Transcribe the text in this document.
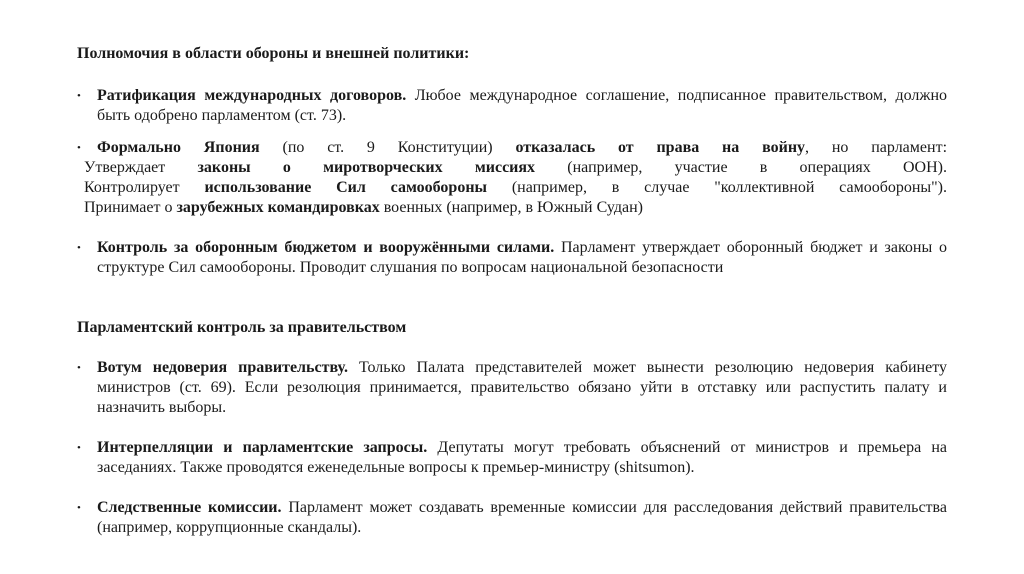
Полномочия в области обороны и внешней политики:
• Ратификация международных договоров. Любое международное соглашение, подписанное правительством, должно быть одобрено парламентом (ст. 73).
• Формально Япония (по ст. 9 Конституции) отказалась от права на войну, но парламент:
Утверждает законы о миротворческих миссиях (например, участие в операциях ООН).
Контролирует использование Сил самообороны (например, в случае "коллективной самообороны").
Принимает о зарубежных командировках военных (например, в Южный Судан)
• Контроль за оборонным бюджетом и вооружёнными силами. Парламент утверждает оборонный бюджет и законы о структуре Сил самообороны. Проводит слушания по вопросам национальной безопасности
Парламентский контроль за правительством
• Вотум недоверия правительству. Только Палата представителей может вынести резолюцию недоверия кабинету министров (ст. 69). Если резолюция принимается, правительство обязано уйти в отставку или распустить палату и назначить выборы.
• Интерпелляции и парламентские запросы. Депутаты могут требовать объяснений от министров и премьера на заседаниях. Также проводятся еженедельные вопросы к премьер-министру (shitsumon).
• Следственные комиссии. Парламент может создавать временные комиссии для расследования действий правительства (например, коррупционные скандалы).
